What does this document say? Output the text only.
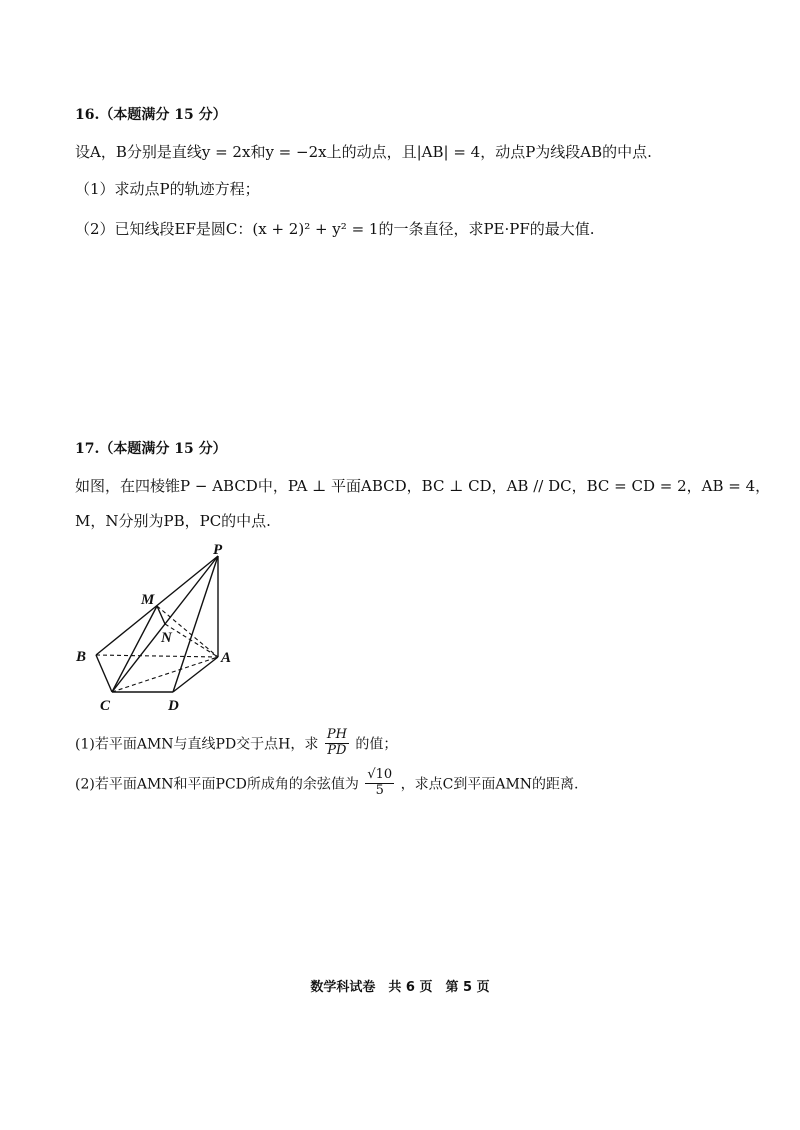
16.（本题满分 15 分）
设A，B分别是直线y = 2x和y = −2x上的动点，且|AB| = 4，动点P为线段AB的中点.
（1）求动点P的轨迹方程；
（2）已知线段EF是圆C：(x + 2)² + y² = 1的一条直径，求PE·PF的最大值.
17.（本题满分 15 分）
如图，在四棱锥P − ABCD中，PA ⊥ 平面ABCD，BC ⊥ CD，AB // DC，BC = CD = 2，AB = 4，
M，N分别为PB，PC的中点.
P
M
N
B	A
C	D
(1)若平面AMN与直线PD交于点H，求 $\frac{PH}{PD}$ 的值；
(2)若平面AMN和平面PCD所成角的余弦值为 $\frac{√10}{5}$ ，求点C到平面AMN的距离.
数学科试卷　共 6 页　第 5 页
